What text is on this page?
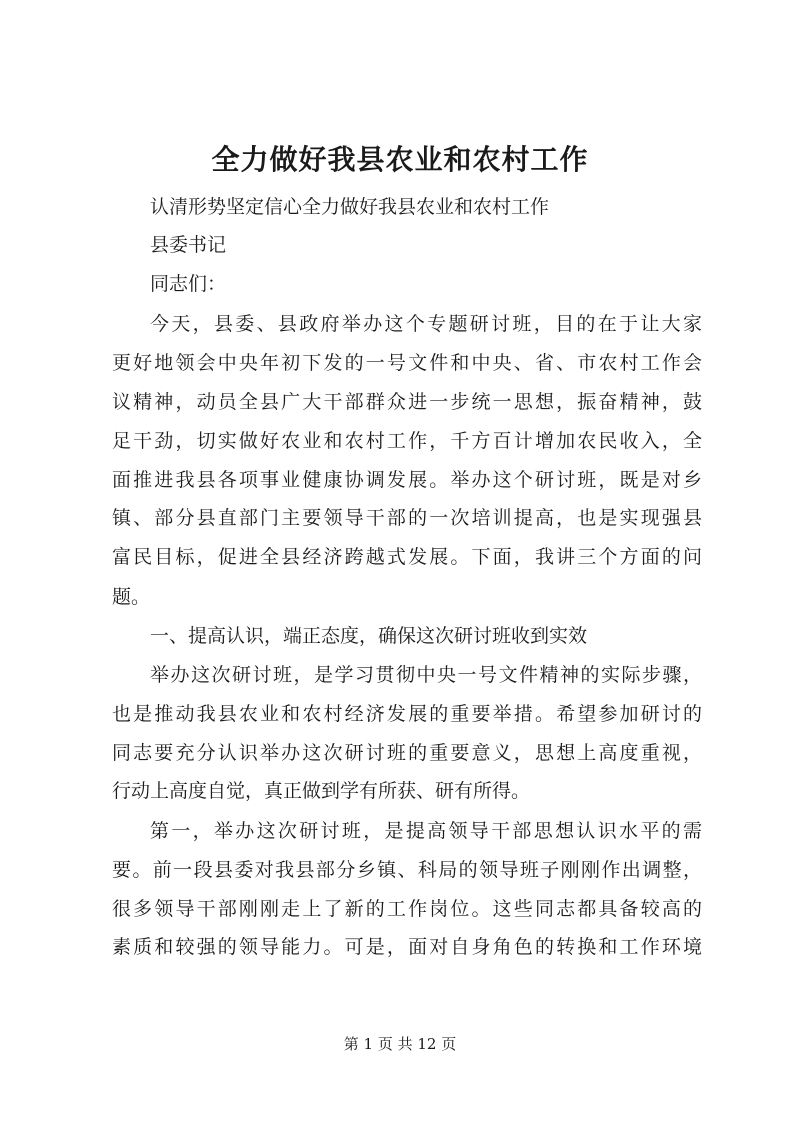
全力做好我县农业和农村工作
认清形势坚定信心全力做好我县农业和农村工作
县委书记
同志们：
今天，县委、县政府举办这个专题研讨班，目的在于让大家
更好地领会中央年初下发的一号文件和中央、省、市农村工作会
议精神，动员全县广大干部群众进一步统一思想，振奋精神，鼓
足干劲，切实做好农业和农村工作，千方百计增加农民收入，全
面推进我县各项事业健康协调发展。举办这个研讨班，既是对乡
镇、部分县直部门主要领导干部的一次培训提高，也是实现强县
富民目标，促进全县经济跨越式发展。下面，我讲三个方面的问
题。
一、提高认识，端正态度，确保这次研讨班收到实效
举办这次研讨班，是学习贯彻中央一号文件精神的实际步骤，
也是推动我县农业和农村经济发展的重要举措。希望参加研讨的
同志要充分认识举办这次研讨班的重要意义，思想上高度重视，
行动上高度自觉，真正做到学有所获、研有所得。
第一，举办这次研讨班，是提高领导干部思想认识水平的需
要。前一段县委对我县部分乡镇、科局的领导班子刚刚作出调整，
很多领导干部刚刚走上了新的工作岗位。这些同志都具备较高的
素质和较强的领导能力。可是，面对自身角色的转换和工作环境
第 1 页 共 12 页
